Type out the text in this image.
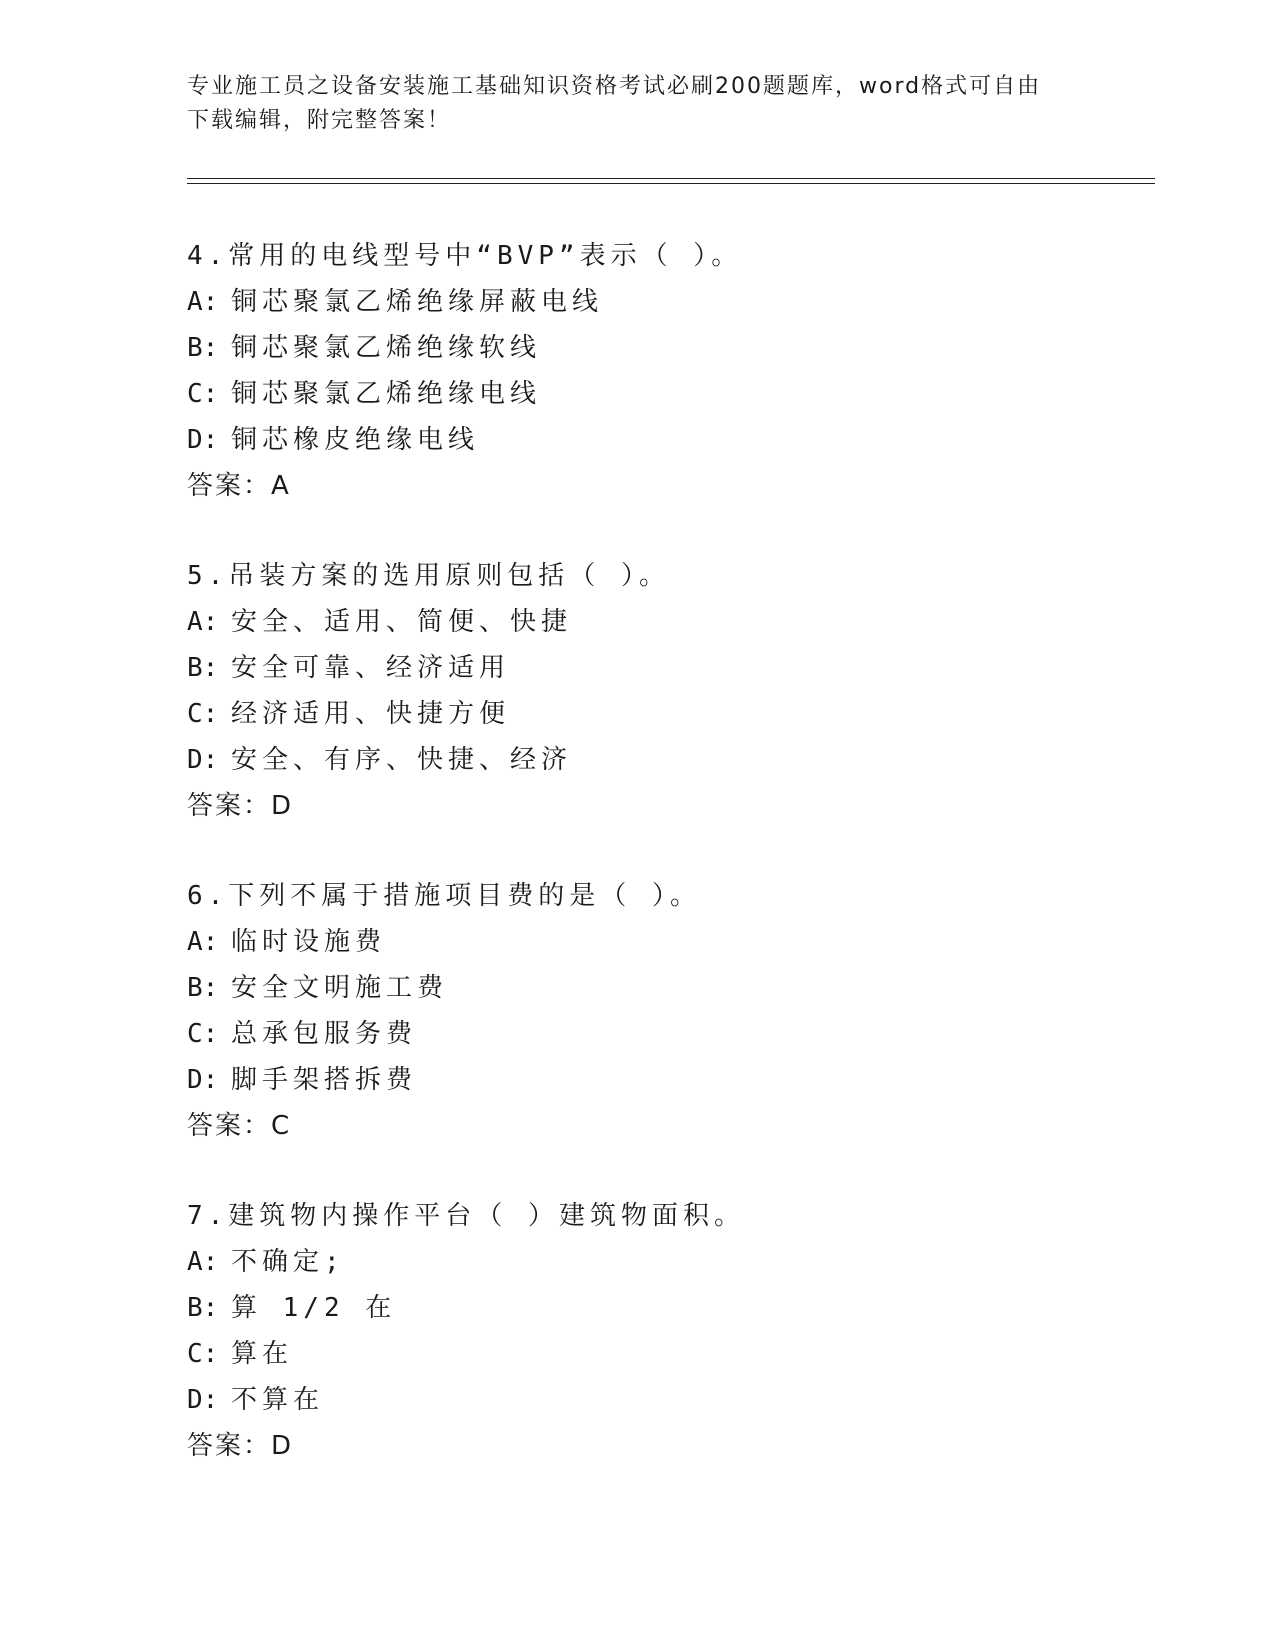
专业施工员之设备安装施工基础知识资格考试必刷200题题库，word格式可自由
下载编辑，附完整答案！
4.常用的电线型号中“BVP”表示（ ）。
A: 铜芯聚氯乙烯绝缘屏蔽电线
B: 铜芯聚氯乙烯绝缘软线
C: 铜芯聚氯乙烯绝缘电线
D: 铜芯橡皮绝缘电线
答案：A
5.吊装方案的选用原则包括（ ）。
A: 安全、适用、简便、快捷
B: 安全可靠、经济适用
C: 经济适用、快捷方便
D: 安全、有序、快捷、经济
答案：D
6.下列不属于措施项目费的是（ ）。
A: 临时设施费
B: 安全文明施工费
C: 总承包服务费
D: 脚手架搭拆费
答案：C
7.建筑物内操作平台（ ）建筑物面积。
A: 不确定;
B: 算 1/2 在
C: 算在
D: 不算在
答案：D
